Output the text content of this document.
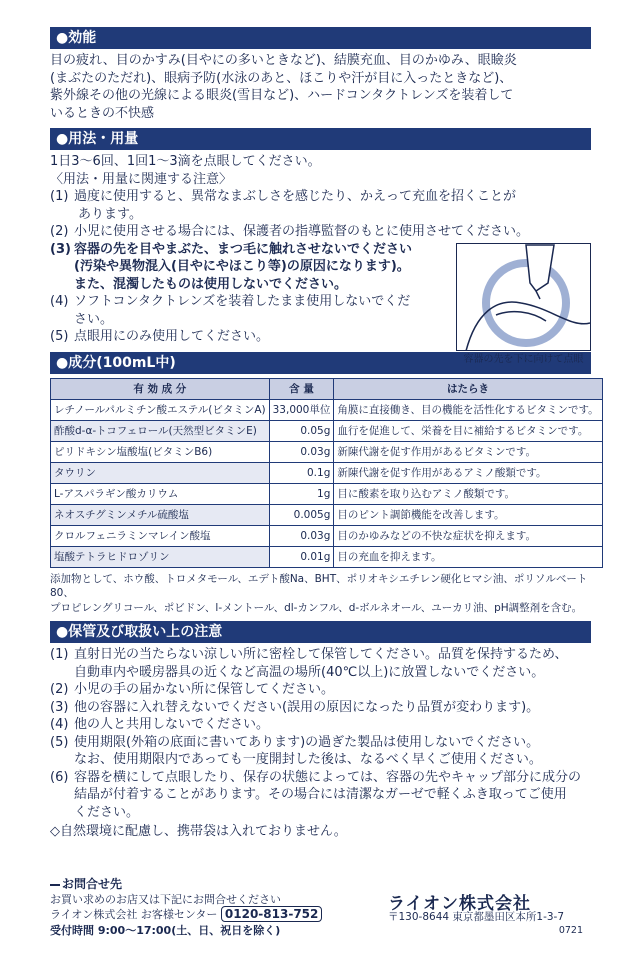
●効能
目の疲れ、目のかすみ(目やにの多いときなど)、結膜充血、目のかゆみ、眼瞼炎
(まぶたのただれ)、眼病予防(水泳のあと、ほこりや汗が目に入ったときなど)、
紫外線その他の光線による眼炎(雪目など)、ハードコンタクトレンズを装着して
いるときの不快感
●用法・用量
1日3～6回、1回1～3滴を点眼してください。
〈用法・用量に関連する注意〉
(1) 過度に使用すると、異常なまぶしさを感じたり、かえって充血を招くことが
あります。
(2) 小児に使用させる場合には、保護者の指導監督のもとに使用させてください。
(3) 容器の先を目やまぶた、まつ毛に触れさせないでください
(汚染や異物混入(目やにやほこり等)の原因になります)。
また、混濁したものは使用しないでください。
(4) ソフトコンタクトレンズを装着したまま使用しないでくだ
さい。
(5) 点眼用にのみ使用してください。
容器の先を下に向けて点眼
●成分(100mL中)
有 効 成 分	含 量	はたらき
レチノールパルミチン酸エステル(ビタミンA)	33,000単位	角膜に直接働き、目の機能を活性化するビタミンです。
酢酸d-α-トコフェロール(天然型ビタミンE)	0.05g	血行を促進して、栄養を目に補給するビタミンです。
ピリドキシン塩酸塩(ビタミンB6)	0.03g	新陳代謝を促す作用があるビタミンです。
タウリン	0.1g	新陳代謝を促す作用があるアミノ酸類です。
L-アスパラギン酸カリウム	1g	目に酸素を取り込むアミノ酸類です。
ネオスチグミンメチル硫酸塩	0.005g	目のピント調節機能を改善します。
クロルフェニラミンマレイン酸塩	0.03g	目のかゆみなどの不快な症状を抑えます。
塩酸テトラヒドロゾリン	0.01g	目の充血を抑えます。
添加物として、ホウ酸、トロメタモール、エデト酸Na、BHT、ポリオキシエチレン硬化ヒマシ油、ポリソルベート80、
プロピレングリコール、ポビドン、l-メントール、dl-カンフル、d-ボルネオール、ユーカリ油、pH調整剤を含む。
●保管及び取扱い上の注意
(1) 直射日光の当たらない涼しい所に密栓して保管してください。品質を保持するため、
自動車内や暖房器具の近くなど高温の場所(40℃以上)に放置しないでください。
(2) 小児の手の届かない所に保管してください。
(3) 他の容器に入れ替えないでください(誤用の原因になったり品質が変わります)。
(4) 他の人と共用しないでください。
(5) 使用期限(外箱の底面に書いてあります)の過ぎた製品は使用しないでください。
なお、使用期限内であっても一度開封した後は、なるべく早くご使用ください。
(6) 容器を横にして点眼したり、保存の状態によっては、容器の先やキャップ部分に成分の
結晶が付着することがあります。その場合には清潔なガーゼで軽くふき取ってご使用
ください。
◇自然環境に配慮し、携帯袋は入れておりません。
お問合せ先
お買い求めのお店又は下記にお問合せください
ライオン株式会社 お客様センター 0120-813-752
受付時間 9:00～17:00(土、日、祝日を除く)
ライオン株式会社
〒130-8644 東京都墨田区本所1-3-7
0721
